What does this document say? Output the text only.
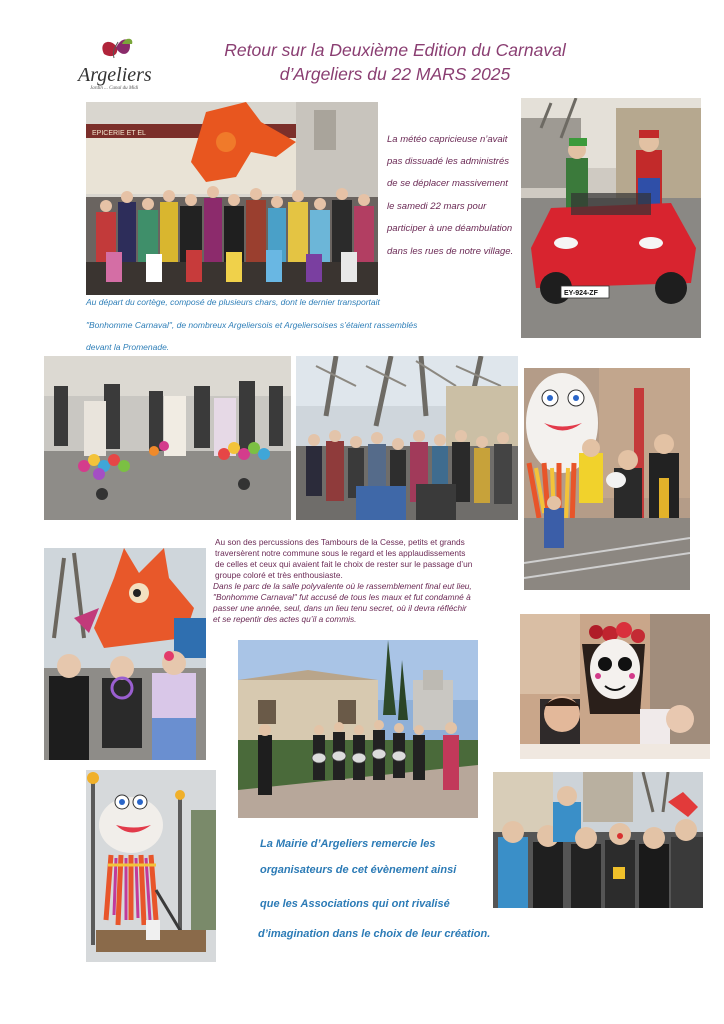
Argeliers
Jardin ... Canal du Midi
Retour sur la Deuxième Edition du Carnaval
d’Argeliers du 22 MARS 2025
EPICERIE ET EL
EY-924-ZF
La météo capricieuse n’avait
pas dissuadé les administrés
de se déplacer massivement
le samedi 22 mars pour
participer à une déambulation
dans les rues de notre village.
Au départ du cortège, composé de plusieurs chars, dont le dernier transportait
"Bonhomme Carnaval", de nombreux Argeliersois et Argeliersoises s’étaient rassemblés
devant la Promenade.
Au son des percussions des Tambours de la Cesse, petits et grands
traversèrent notre commune sous le regard et les applaudissements
de celles et ceux qui avaient fait le choix de rester sur le passage d’un
groupe coloré et très enthousiaste.
Dans le parc de la salle polyvalente où le rassemblement final eut lieu,
"Bonhomme Carnaval" fut accusé de tous les maux et fut condamné à
passer une année, seul, dans un lieu tenu secret, où il devra réfléchir
et se repentir des actes qu’il a commis.
La Mairie d’Argeliers remercie les
organisateurs de cet évènement ainsi
que les Associations qui ont rivalisé
d’imagination dans le choix de leur création.
